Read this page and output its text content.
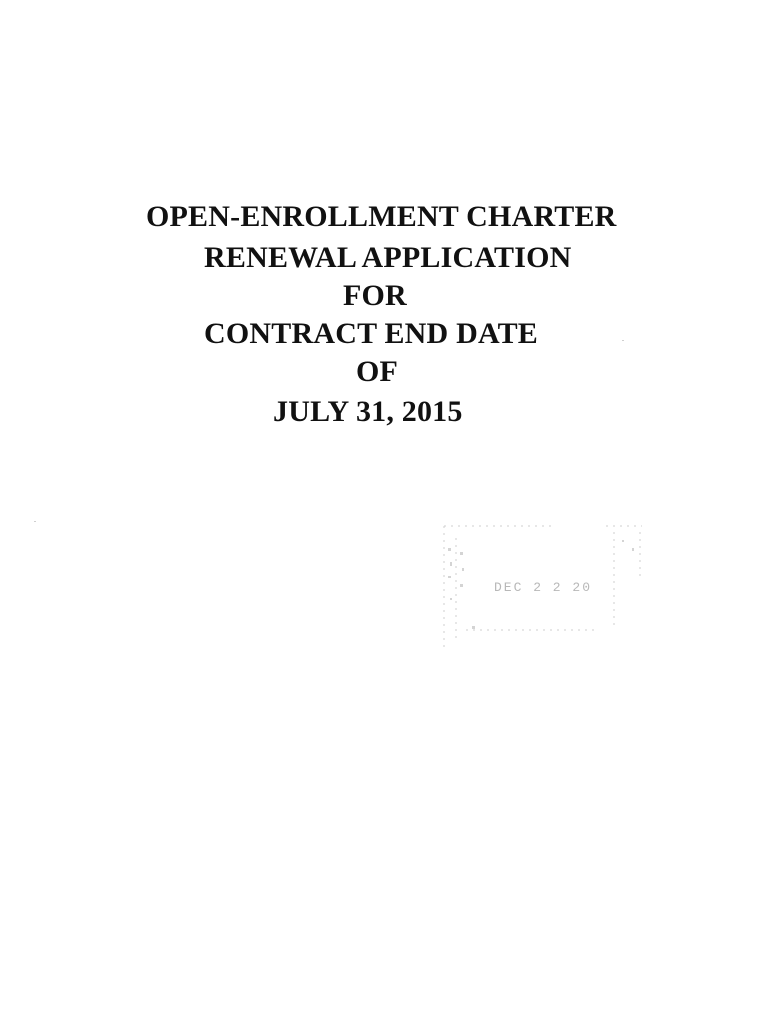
OPEN-ENROLLMENT CHARTER
RENEWAL APPLICATION
FOR
CONTRACT END DATE
OF
JULY 31, 2015
DEC 2 2 20
